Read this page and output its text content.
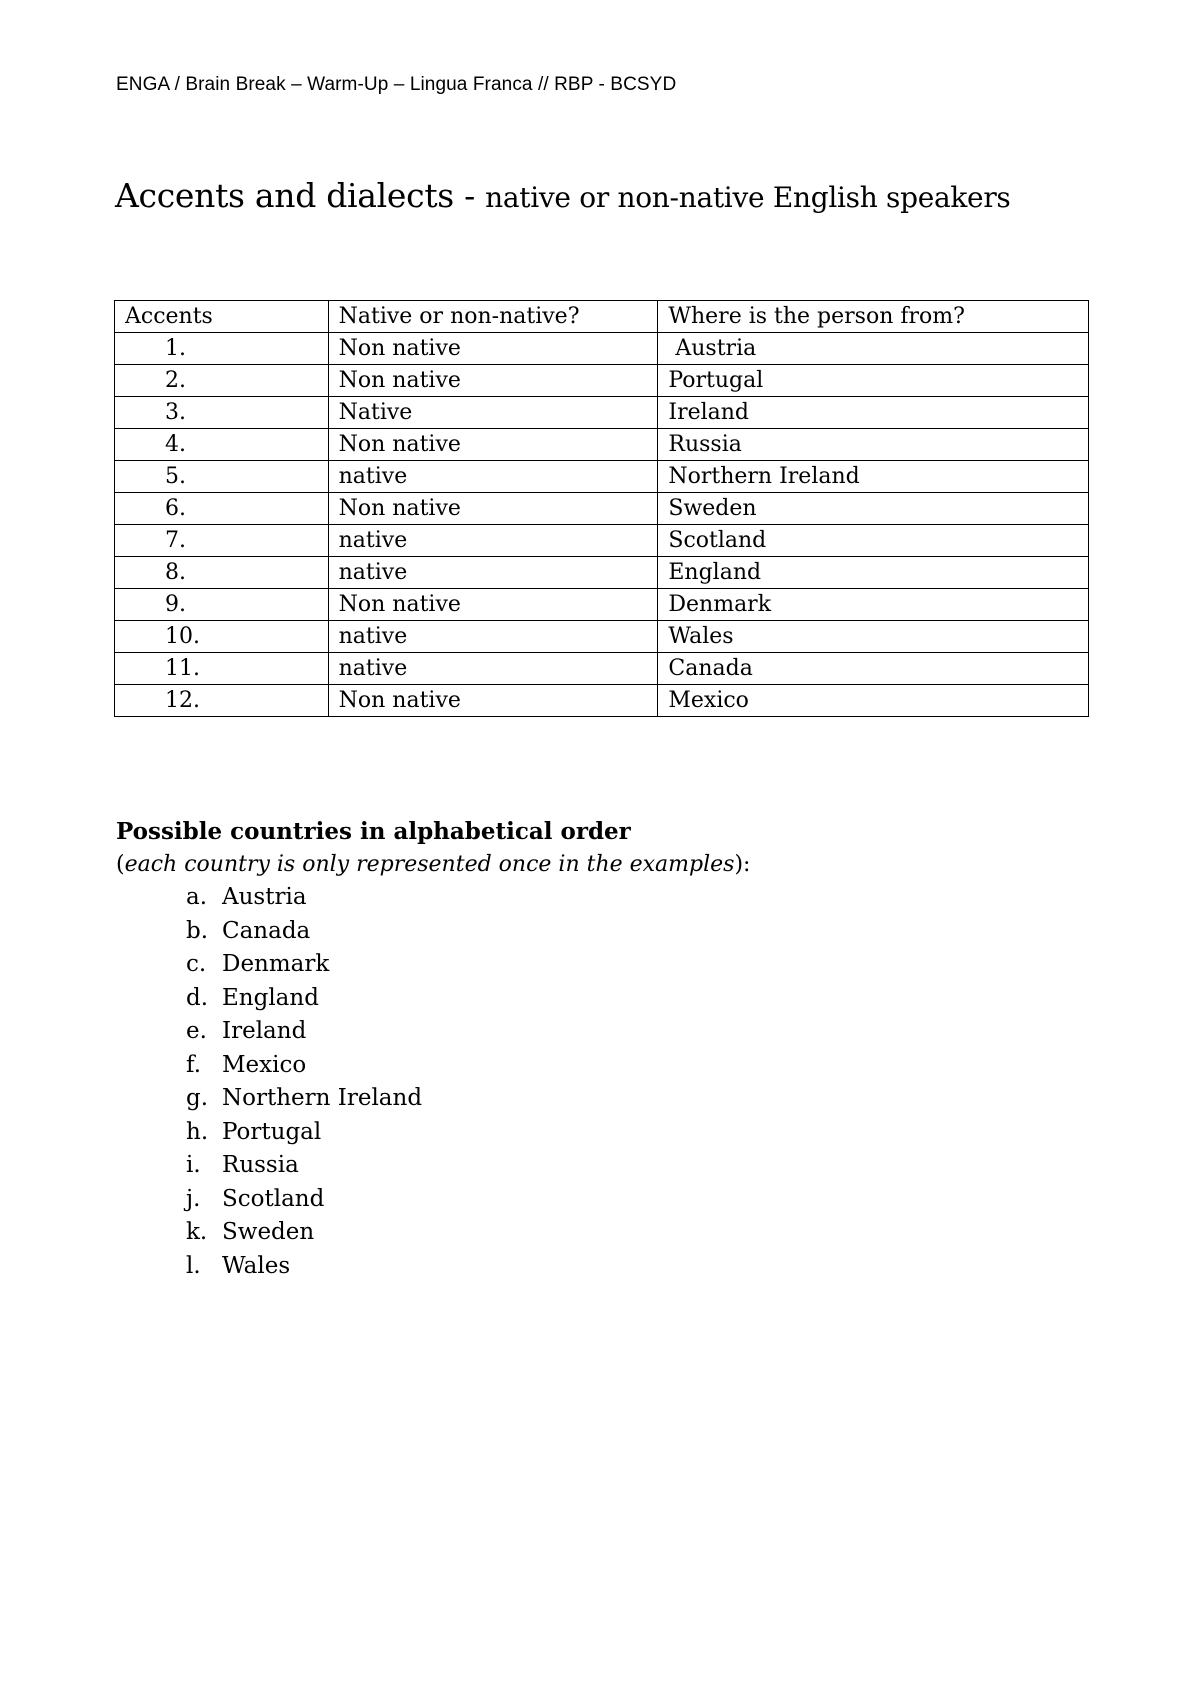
ENGA / Brain Break – Warm-Up – Lingua Franca // RBP - BCSYD
Accents and dialects - native or non-native English speakers
Accents	Native or non-native?	Where is the person from?
1.	Non native	Austria
2.	Non native	Portugal
3.	Native	Ireland
4.	Non native	Russia
5.	native	Northern Ireland
6.	Non native	Sweden
7.	native	Scotland
8.	native	England
9.	Non native	Denmark
10.	native	Wales
11.	native	Canada
12.	Non native	Mexico

Possible countries in alphabetical order

(each country is only represented once in the examples):

a. Austria
b. Canada
c. Denmark
d. England
e. Ireland
f. Mexico
g. Northern Ireland
h. Portugal
i. Russia
j. Scotland
k. Sweden
l. Wales
